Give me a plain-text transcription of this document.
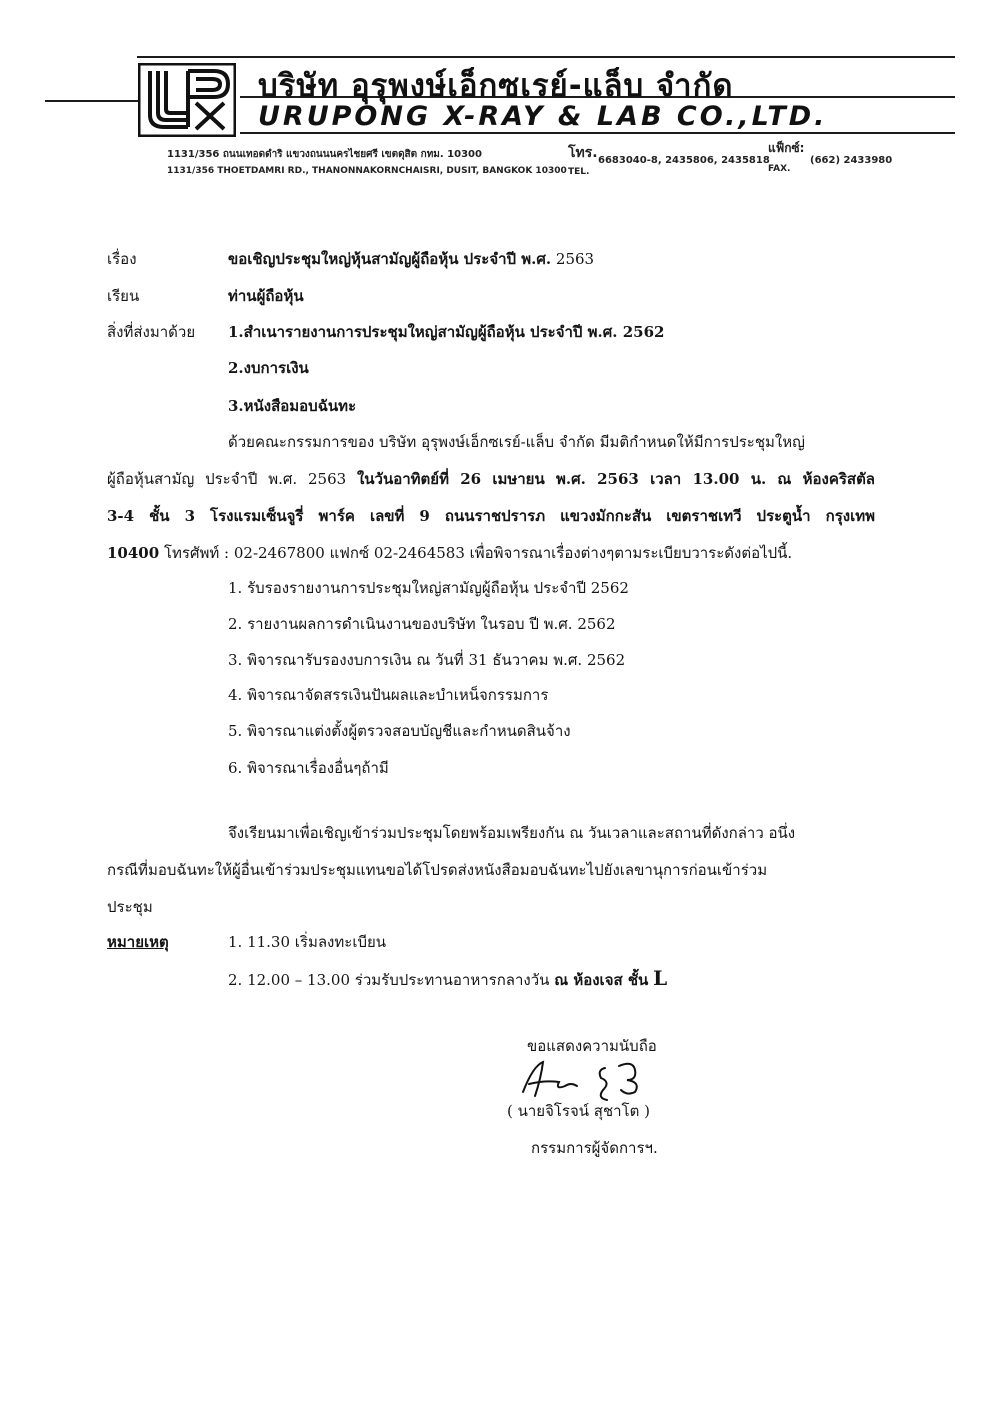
บริษัท อุรุพงษ์เอ็กซเรย์-แล็บ จำกัด
URUPONG X-RAY & LAB CO.,LTD.
1131/356 ถนนเทอดดำริ แขวงถนนนครไชยศรี เขตดุสิต กทม. 10300
1131/356 THOETDAMRI RD., THANONNAKORNCHAISRI, DUSIT, BANGKOK 10300
โทร.
TEL.
6683040-8, 2435806, 2435818
แฟ็กซ์:
FAX.
(662) 2433980
เรื่อง	ขอเชิญประชุมใหญ่หุ้นสามัญผู้ถือหุ้น ประจำปี พ.ศ. 2563
เรียน	ท่านผู้ถือหุ้น
สิ่งที่ส่งมาด้วย 1.สำเนารายงานการประชุมใหญ่สามัญผู้ถือหุ้น ประจำปี พ.ศ. 2562
2.งบการเงิน
3.หนังสือมอบฉันทะ
ด้วยคณะกรรมการของ บริษัท อุรุพงษ์เอ็กซเรย์-แล็บ จำกัด มีมติกำหนดให้มีการประชุมใหญ่
ผู้ถือหุ้นสามัญ ประจำปี พ.ศ. 2563 ในวันอาทิตย์ที่ 26 เมษายน พ.ศ. 2563 เวลา 13.00 น. ณ ห้องคริสตัล
3-4 ชั้น 3 โรงแรมเซ็นจูรี่ พาร์ค เลขที่ 9 ถนนราชปรารภ แขวงมักกะสัน เขตราชเทวี ประตูน้ำ กรุงเทพ
10400 โทรศัพท์ : 02-2467800 แฟกซ์ 02-2464583 เพื่อพิจารณาเรื่องต่างๆตามระเบียบวาระดังต่อไปนี้.
1. รับรองรายงานการประชุมใหญ่สามัญผู้ถือหุ้น ประจำปี 2562
2. รายงานผลการดำเนินงานของบริษัท ในรอบ ปี พ.ศ. 2562
3. พิจารณารับรองงบการเงิน ณ วันที่ 31 ธันวาคม พ.ศ. 2562
4. พิจารณาจัดสรรเงินปันผลและบำเหน็จกรรมการ
5. พิจารณาแต่งตั้งผู้ตรวจสอบบัญชีและกำหนดสินจ้าง
6. พิจารณาเรื่องอื่นๆถ้ามี
จึงเรียนมาเพื่อเชิญเข้าร่วมประชุมโดยพร้อมเพรียงกัน ณ วันเวลาและสถานที่ดังกล่าว อนึ่ง
กรณีที่มอบฉันทะให้ผู้อื่นเข้าร่วมประชุมแทนขอได้โปรดส่งหนังสือมอบฉันทะไปยังเลขานุการก่อนเข้าร่วม
ประชุม
หมายเหตุ	1. 11.30 เริ่มลงทะเบียน
2. 12.00 – 13.00 ร่วมรับประทานอาหารกลางวัน ณ ห้องเจส ชั้น L
ขอแสดงความนับถือ
( นายจิโรจน์ สุชาโต )
กรรมการผู้จัดการฯ.
